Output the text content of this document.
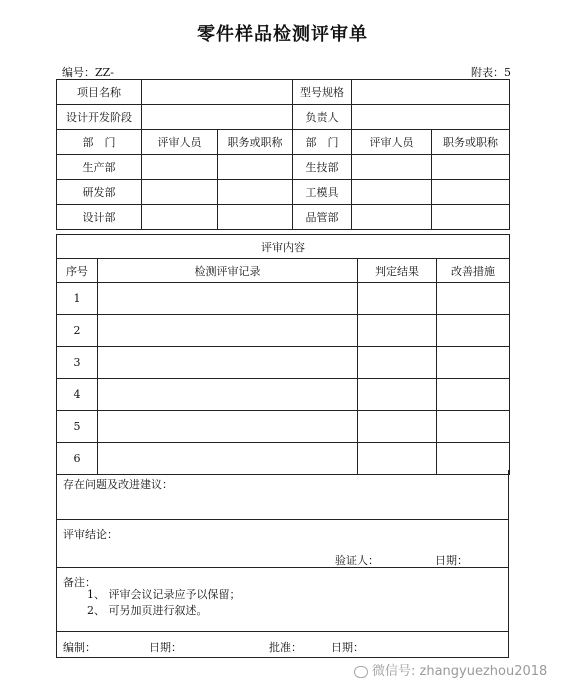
零件样品检测评审单
编号：ZZ-	附表：5
项目名称			型号规格		
设计开发阶段			负责人		
部　门	评审人员	职务或职称	部　门	评审人员	职务或职称
生产部			生技部		
研发部			工模具		
设计部			品管部		
评审内容			
序号	检测评审记录	判定结果	改善措施
1			
2			
3			
4			
5			
6			
存在问题及改进建议：
评审结论：
验证人：	日期：
备注：
1、 评审会议记录应予以保留；
2、 可另加页进行叙述。
编制：	日期：	批准：	日期：
微信号: zhangyuezhou2018
